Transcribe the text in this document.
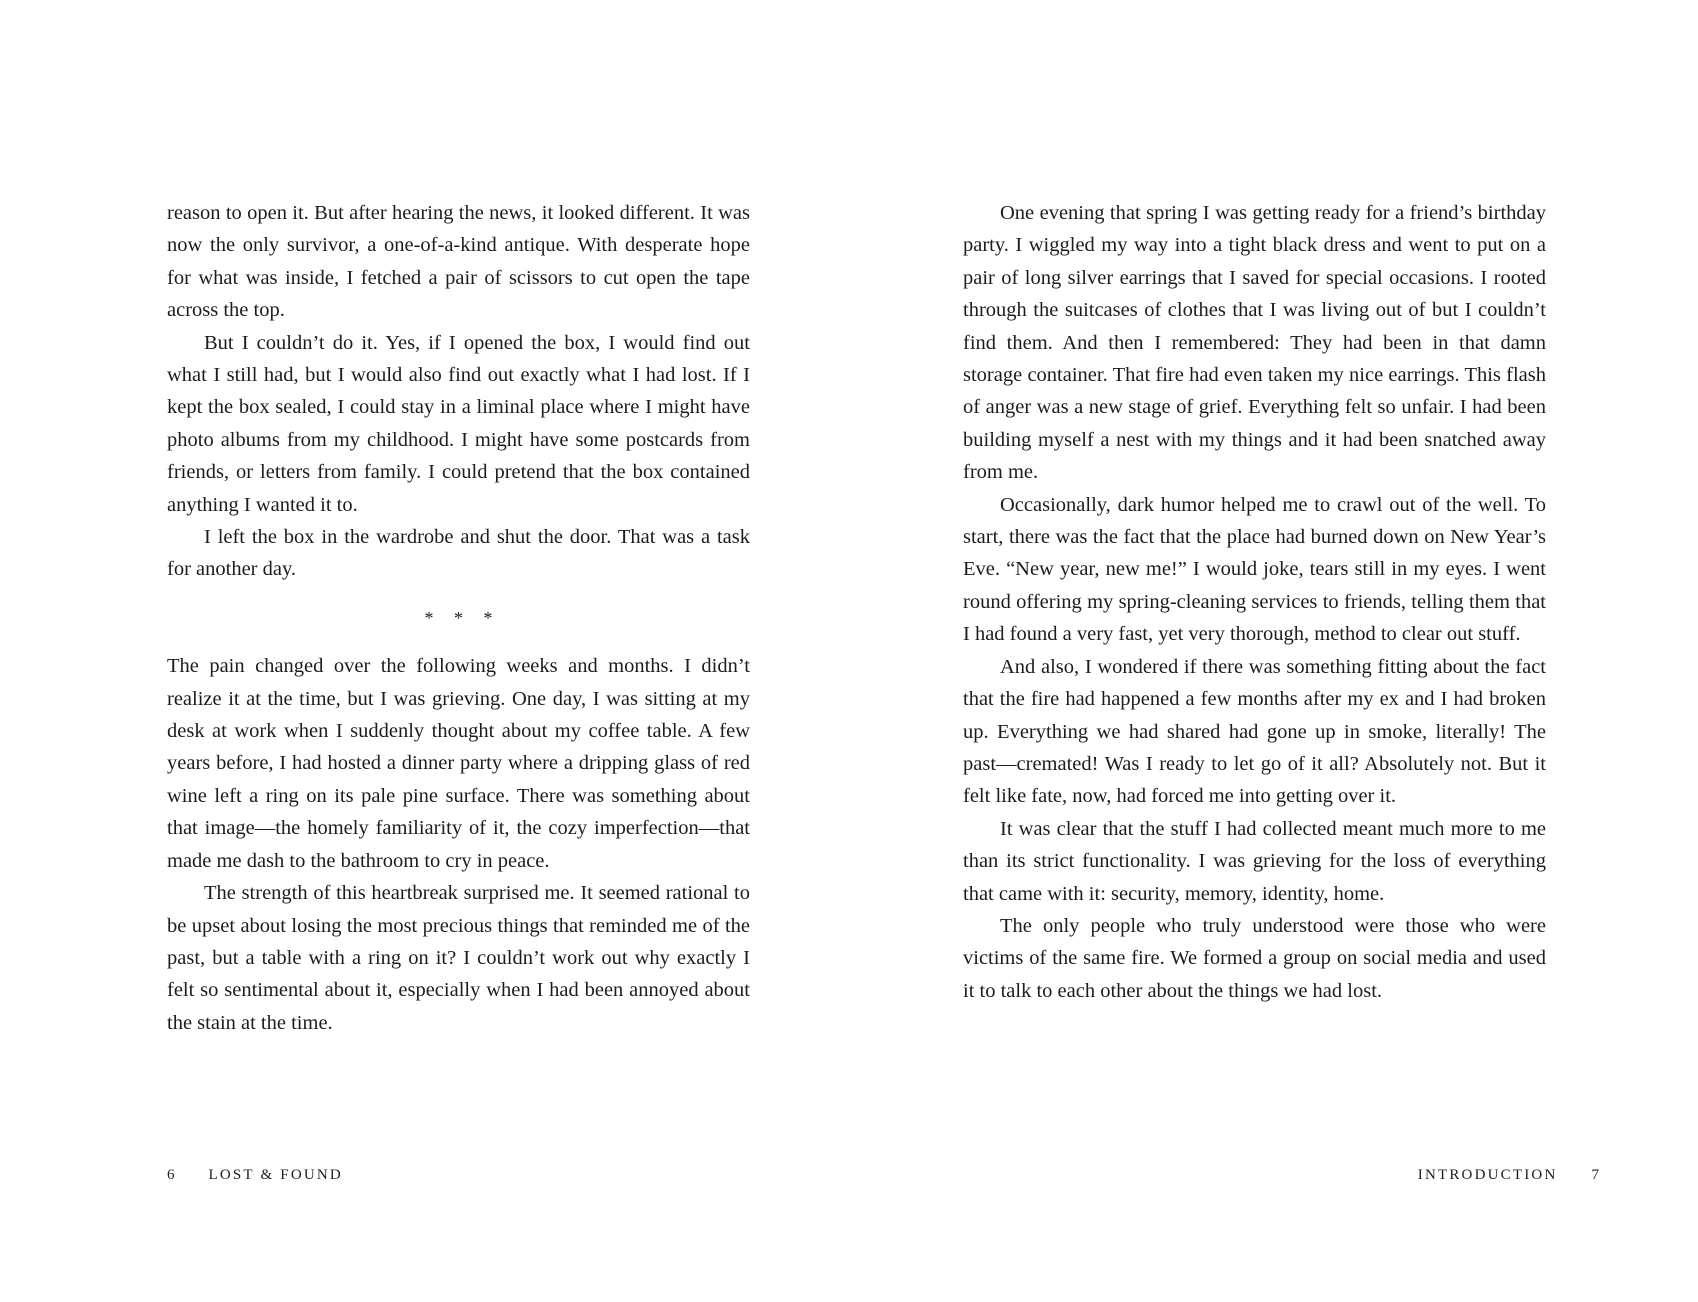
reason to open it. But after hearing the news, it looked different. It was now the only survivor, a one-of-a-kind antique. With desperate hope for what was inside, I fetched a pair of scissors to cut open the tape across the top.

But I couldn’t do it. Yes, if I opened the box, I would find out what I still had, but I would also find out exactly what I had lost. If I kept the box sealed, I could stay in a liminal place where I might have photo albums from my childhood. I might have some postcards from friends, or letters from family. I could pretend that the box contained anything I wanted it to.

I left the box in the wardrobe and shut the door. That was a task for another day.

* * *

The pain changed over the following weeks and months. I didn’t realize it at the time, but I was grieving. One day, I was sitting at my desk at work when I suddenly thought about my coffee table. A few years before, I had hosted a dinner party where a dripping glass of red wine left a ring on its pale pine surface. There was something about that image—the homely familiarity of it, the cozy imperfection—that made me dash to the bathroom to cry in peace.

The strength of this heartbreak surprised me. It seemed rational to be upset about losing the most precious things that reminded me of the past, but a table with a ring on it? I couldn’t work out why exactly I felt so sentimental about it, especially when I had been annoyed about the stain at the time.

6 LOST & FOUND

One evening that spring I was getting ready for a friend’s birthday party. I wiggled my way into a tight black dress and went to put on a pair of long silver earrings that I saved for special occasions. I rooted through the suitcases of clothes that I was living out of but I couldn’t find them. And then I remembered: They had been in that damn storage container. That fire had even taken my nice earrings. This flash of anger was a new stage of grief. Everything felt so unfair. I had been building myself a nest with my things and it had been snatched away from me.

Occasionally, dark humor helped me to crawl out of the well. To start, there was the fact that the place had burned down on New Year’s Eve. “New year, new me!” I would joke, tears still in my eyes. I went round offering my spring-cleaning services to friends, telling them that I had found a very fast, yet very thorough, method to clear out stuff.

And also, I wondered if there was something fitting about the fact that the fire had happened a few months after my ex and I had broken up. Everything we had shared had gone up in smoke, literally! The past—cremated! Was I ready to let go of it all? Absolutely not. But it felt like fate, now, had forced me into getting over it.

It was clear that the stuff I had collected meant much more to me than its strict functionality. I was grieving for the loss of everything that came with it: security, memory, identity, home.

The only people who truly understood were those who were victims of the same fire. We formed a group on social media and used it to talk to each other about the things we had lost.

INTRODUCTION 7
